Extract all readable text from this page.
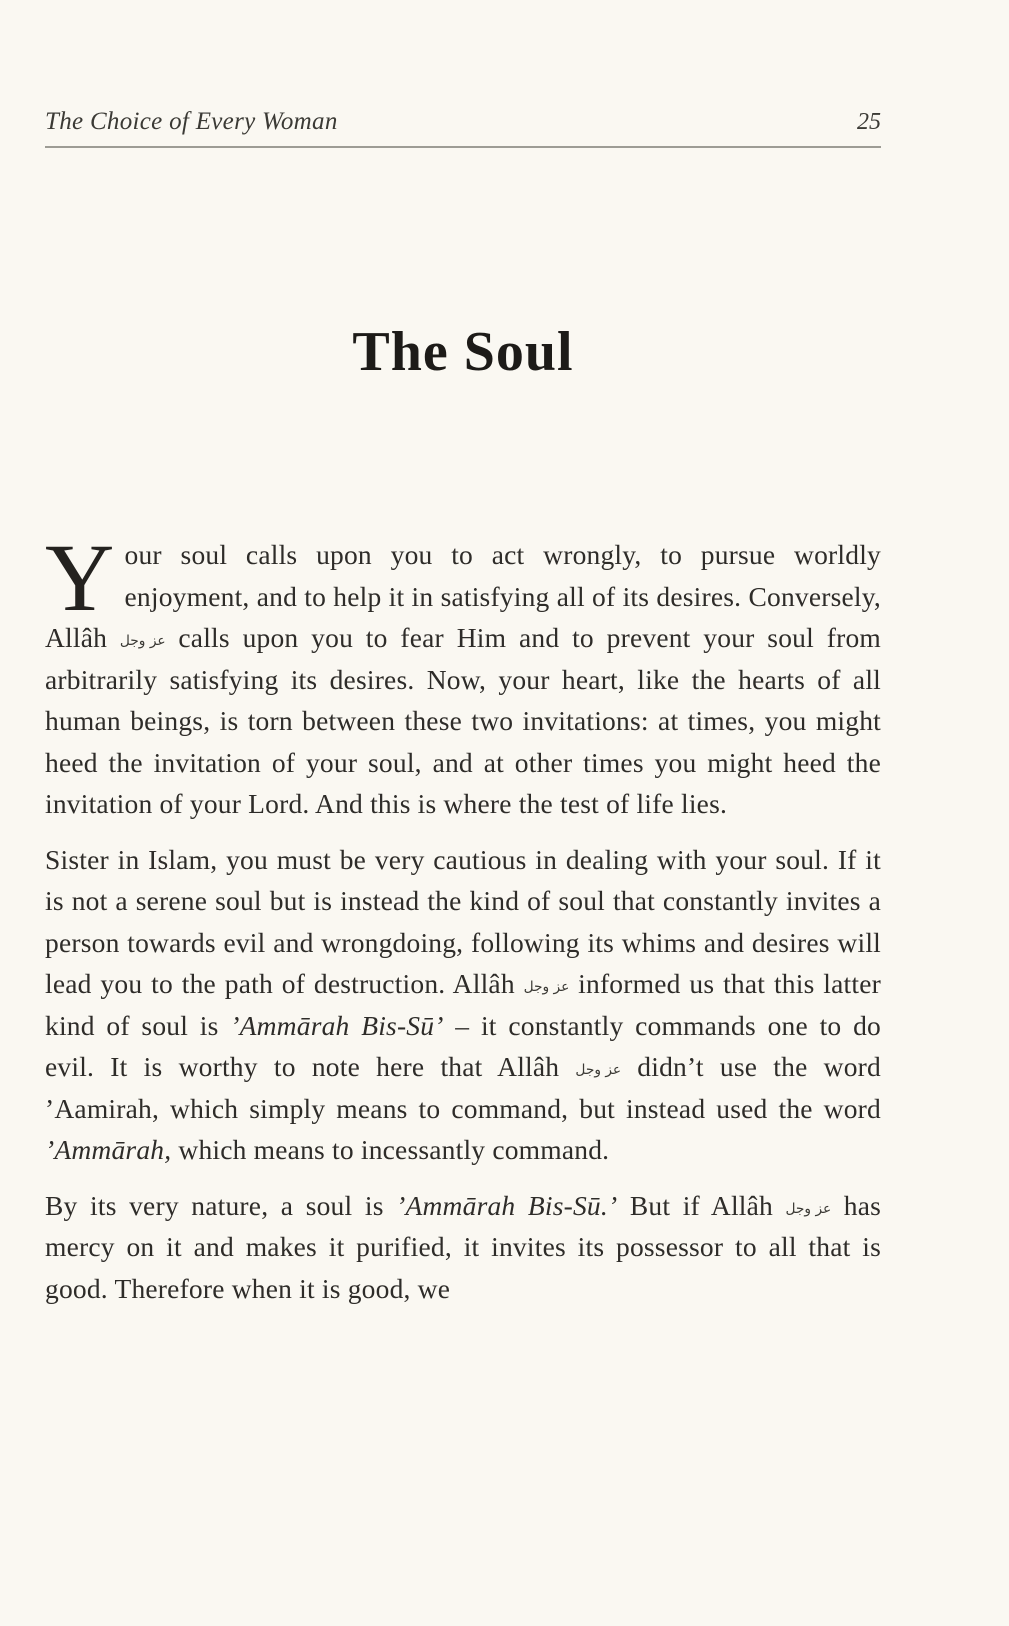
The Choice of Every Woman	25
The Soul

Your soul calls upon you to act wrongly, to pursue worldly enjoyment, and to help it in satisfying all of its desires. Conversely, Allâh عز وجل calls upon you to fear Him and to prevent your soul from arbitrarily satisfying its desires. Now, your heart, like the hearts of all human beings, is torn between these two invitations: at times, you might heed the invitation of your soul, and at other times you might heed the invitation of your Lord. And this is where the test of life lies.

Sister in Islam, you must be very cautious in dealing with your soul. If it is not a serene soul but is instead the kind of soul that constantly invites a person towards evil and wrongdoing, following its whims and desires will lead you to the path of destruction. Allâh عز وجل informed us that this latter kind of soul is ’Ammārah Bis-Sū’ – it constantly commands one to do evil. It is worthy to note here that Allâh عز وجل didn’t use the word ’Aamirah, which simply means to command, but instead used the word ’Ammārah, which means to incessantly command.

By its very nature, a soul is ’Ammārah Bis-Sū.’ But if Allâh عز وجل has mercy on it and makes it purified, it invites its possessor to all that is good. Therefore when it is good, we
